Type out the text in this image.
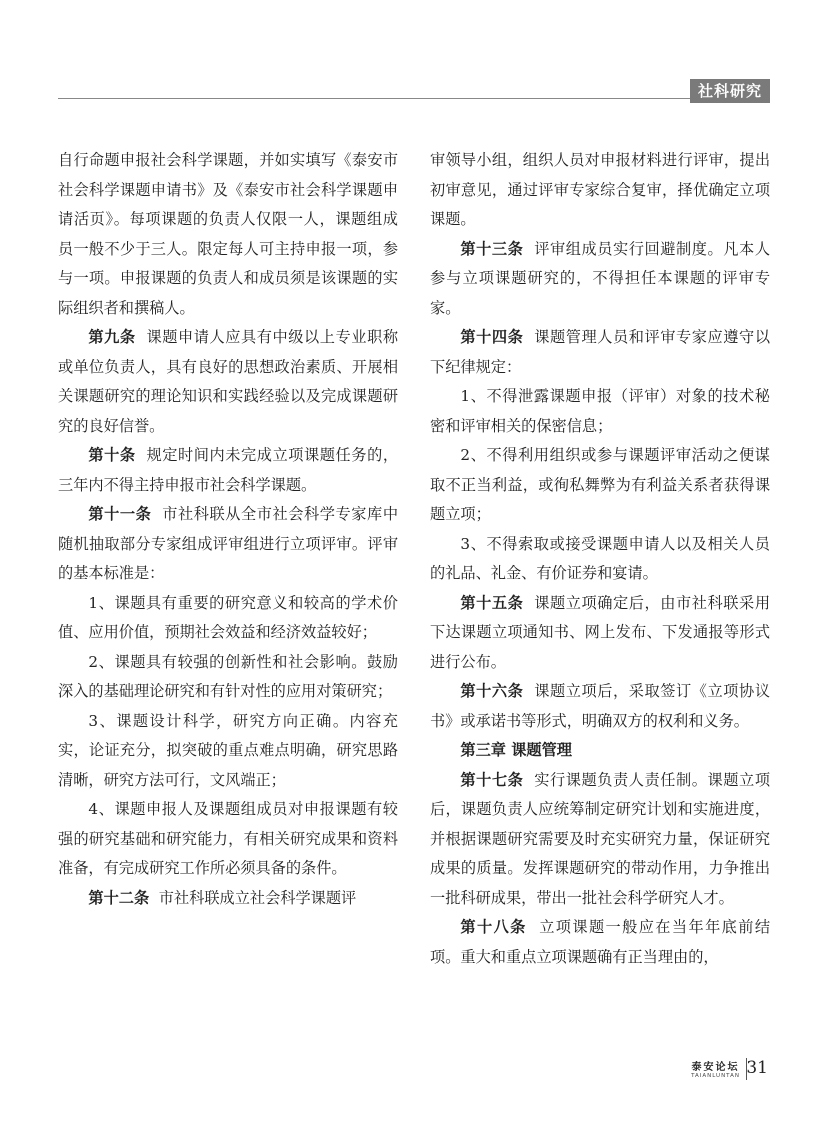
社科研究

自行命题申报社会科学课题，并如实填写《泰安市社会科学课题申请书》及《泰安市社会科学课题申请活页》。每项课题的负责人仅限一人，课题组成员一般不少于三人。限定每人可主持申报一项，参与一项。申报课题的负责人和成员须是该课题的实际组织者和撰稿人。

第九条 课题申请人应具有中级以上专业职称或单位负责人，具有良好的思想政治素质、开展相关课题研究的理论知识和实践经验以及完成课题研究的良好信誉。

第十条 规定时间内未完成立项课题任务的，三年内不得主持申报市社会科学课题。

第十一条 市社科联从全市社会科学专家库中随机抽取部分专家组成评审组进行立项评审。评审的基本标准是：

1、课题具有重要的研究意义和较高的学术价值、应用价值，预期社会效益和经济效益较好；

2、课题具有较强的创新性和社会影响。鼓励深入的基础理论研究和有针对性的应用对策研究；

3、课题设计科学，研究方向正确。内容充实，论证充分，拟突破的重点难点明确，研究思路清晰，研究方法可行，文风端正；

4、课题申报人及课题组成员对申报课题有较强的研究基础和研究能力，有相关研究成果和资料准备，有完成研究工作所必须具备的条件。

第十二条 市社科联成立社会科学课题评

审领导小组，组织人员对申报材料进行评审，提出初审意见，通过评审专家综合复审，择优确定立项课题。

第十三条 评审组成员实行回避制度。凡本人参与立项课题研究的，不得担任本课题的评审专家。

第十四条 课题管理人员和评审专家应遵守以下纪律规定：

1、不得泄露课题申报（评审）对象的技术秘密和评审相关的保密信息；

2、不得利用组织或参与课题评审活动之便谋取不正当利益，或徇私舞弊为有利益关系者获得课题立项；

3、不得索取或接受课题申请人以及相关人员的礼品、礼金、有价证券和宴请。

第十五条 课题立项确定后，由市社科联采用下达课题立项通知书、网上发布、下发通报等形式进行公布。

第十六条 课题立项后，采取签订《立项协议书》或承诺书等形式，明确双方的权利和义务。

第三章 课题管理

第十七条 实行课题负责人责任制。课题立项后，课题负责人应统筹制定研究计划和实施进度，并根据课题研究需要及时充实研究力量，保证研究成果的质量。发挥课题研究的带动作用，力争推出一批科研成果，带出一批社会科学研究人才。

第十八条 立项课题一般应在当年年底前结项。重大和重点立项课题确有正当理由的，

泰安论坛
TAIANLUNTAN 31
